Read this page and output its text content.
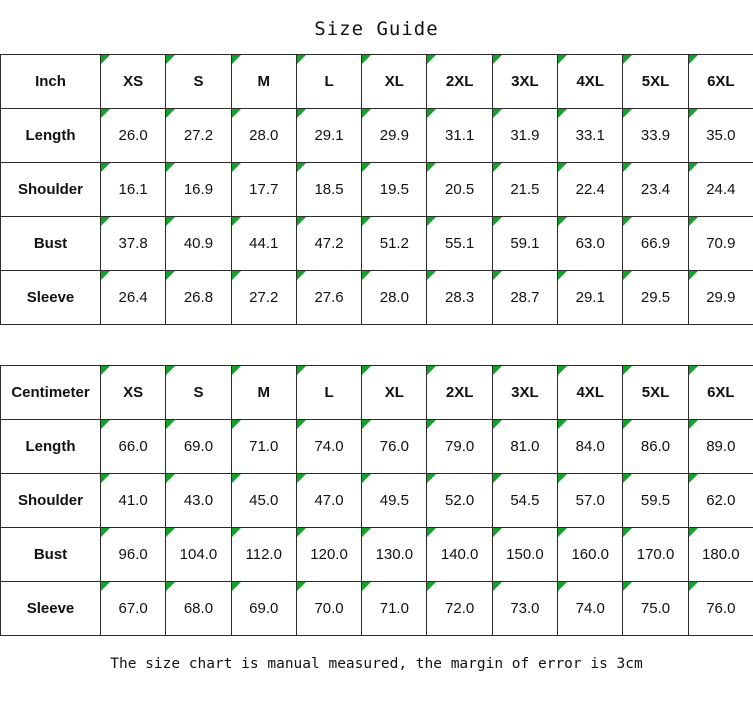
Size Guide
Inch	XS	S	M	L	XL	2XL	3XL	4XL	5XL	6XL
Length	26.0	27.2	28.0	29.1	29.9	31.1	31.9	33.1	33.9	35.0
Shoulder	16.1	16.9	17.7	18.5	19.5	20.5	21.5	22.4	23.4	24.4
Bust	37.8	40.9	44.1	47.2	51.2	55.1	59.1	63.0	66.9	70.9
Sleeve	26.4	26.8	27.2	27.6	28.0	28.3	28.7	29.1	29.5	29.9
Centimeter	XS	S	M	L	XL	2XL	3XL	4XL	5XL	6XL
Length	66.0	69.0	71.0	74.0	76.0	79.0	81.0	84.0	86.0	89.0
Shoulder	41.0	43.0	45.0	47.0	49.5	52.0	54.5	57.0	59.5	62.0
Bust	96.0	104.0	112.0	120.0	130.0	140.0	150.0	160.0	170.0	180.0
Sleeve	67.0	68.0	69.0	70.0	71.0	72.0	73.0	74.0	75.0	76.0
The size chart is manual measured, the margin of error is 3cm
